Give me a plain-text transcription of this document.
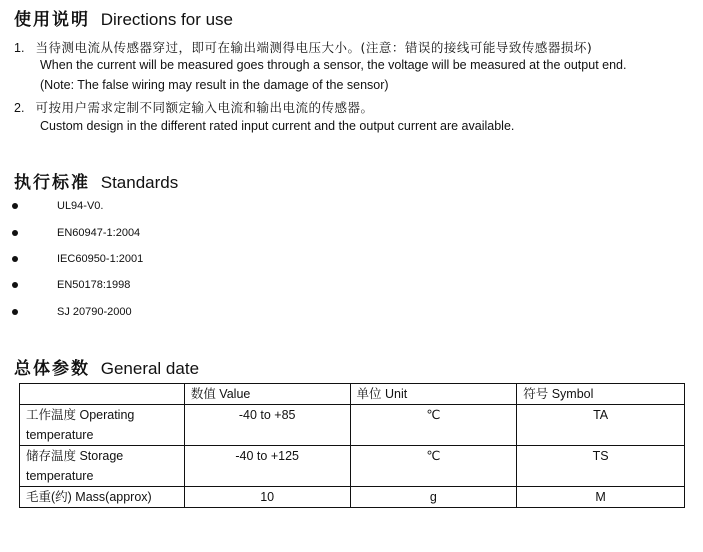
使用说明 Directions for use
1. 当待测电流从传感器穿过，即可在输出端测得电压大小。(注意：错误的接线可能导致传感器损坏)
When the current will be measured goes through a sensor, the voltage will be measured at the output end.
(Note: The false wiring may result in the damage of the sensor)
2. 可按用户需求定制不同额定输入电流和输出电流的传感器。
Custom design in the different rated input current and the output current are available.
执行标准 Standards
UL94-V0.
EN60947-1:2004
IEC60950-1:2001
EN50178:1998
SJ 20790-2000
总体参数 General date
	数值 Value	单位 Unit	符号 Symbol
工作温度 Operating temperature	-40 to +85	℃	TA
储存温度 Storage temperature	-40 to +125	℃	TS
毛重(约) Mass(approx)	10	g	M
